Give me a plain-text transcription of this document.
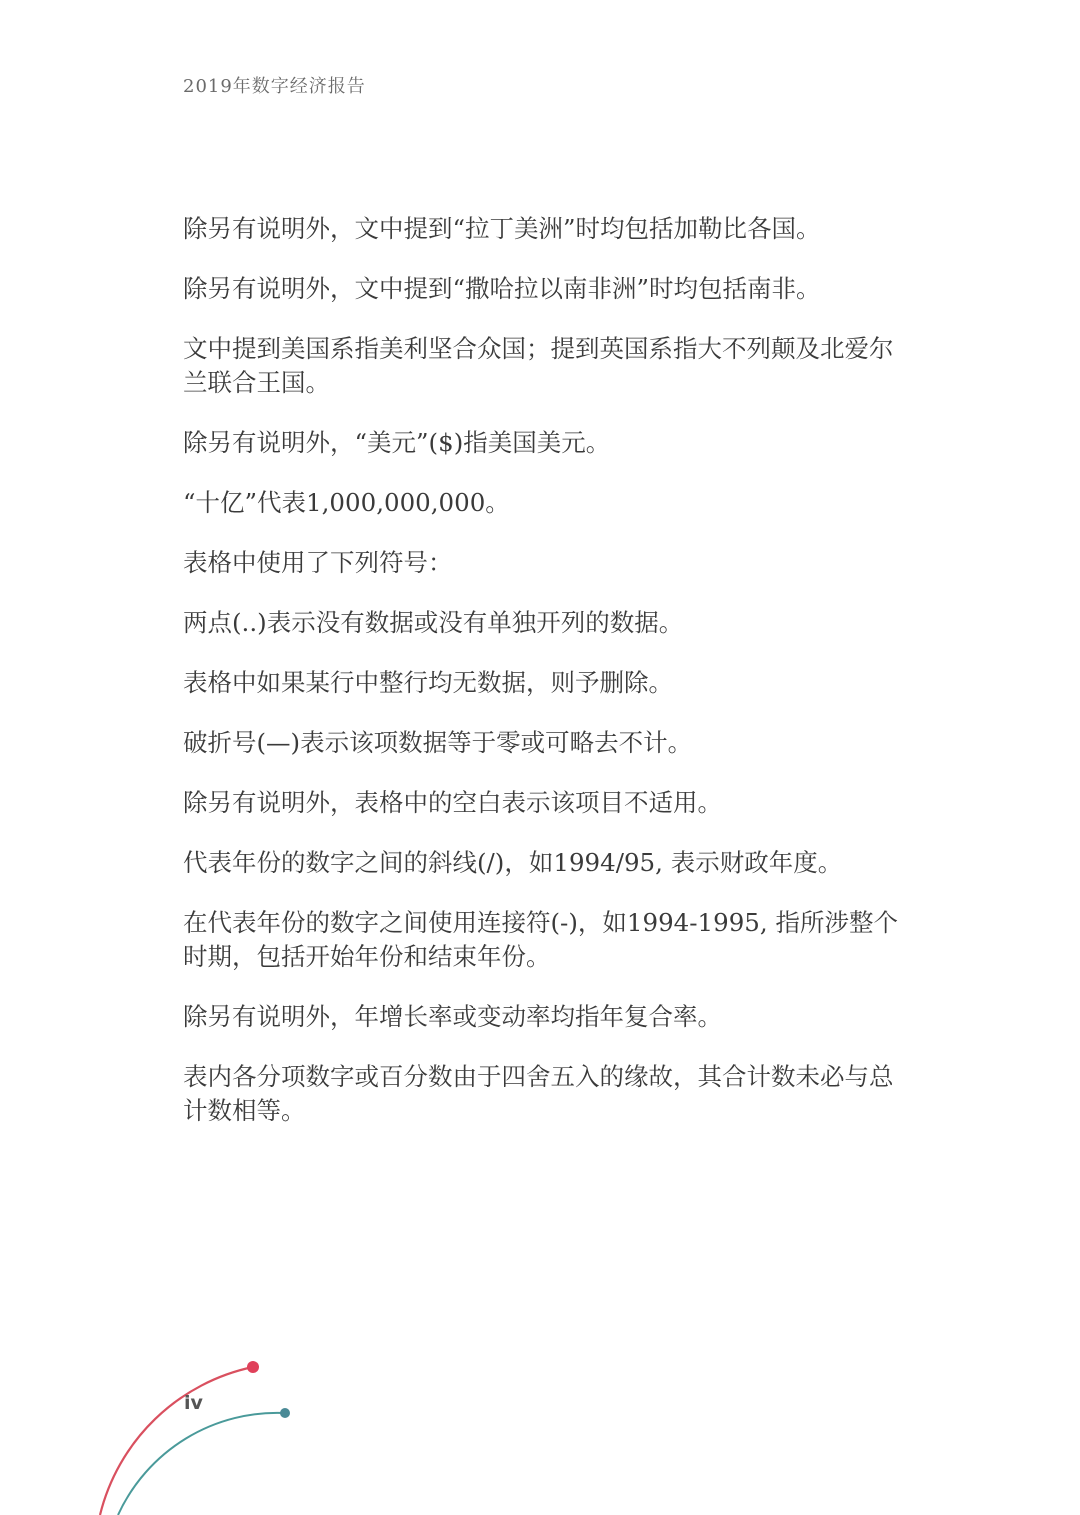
2019年数字经济报告

除另有说明外，文中提到“拉丁美洲”时均包括加勒比各国。

除另有说明外，文中提到“撒哈拉以南非洲”时均包括南非。

文中提到美国系指美利坚合众国；提到英国系指大不列颠及北爱尔兰联合王国。

除另有说明外，“美元”($)指美国美元。

“十亿”代表1,000,000,000。

表格中使用了下列符号：

两点(..)表示没有数据或没有单独开列的数据。

表格中如果某行中整行均无数据，则予删除。

破折号(—)表示该项数据等于零或可略去不计。

除另有说明外，表格中的空白表示该项目不适用。

代表年份的数字之间的斜线(/)，如1994/95, 表示财政年度。

在代表年份的数字之间使用连接符(-)，如1994-1995, 指所涉整个时期，包括开始年份和结束年份。

除另有说明外，年增长率或变动率均指年复合率。

表内各分项数字或百分数由于四舍五入的缘故，其合计数未必与总计数相等。

iv
